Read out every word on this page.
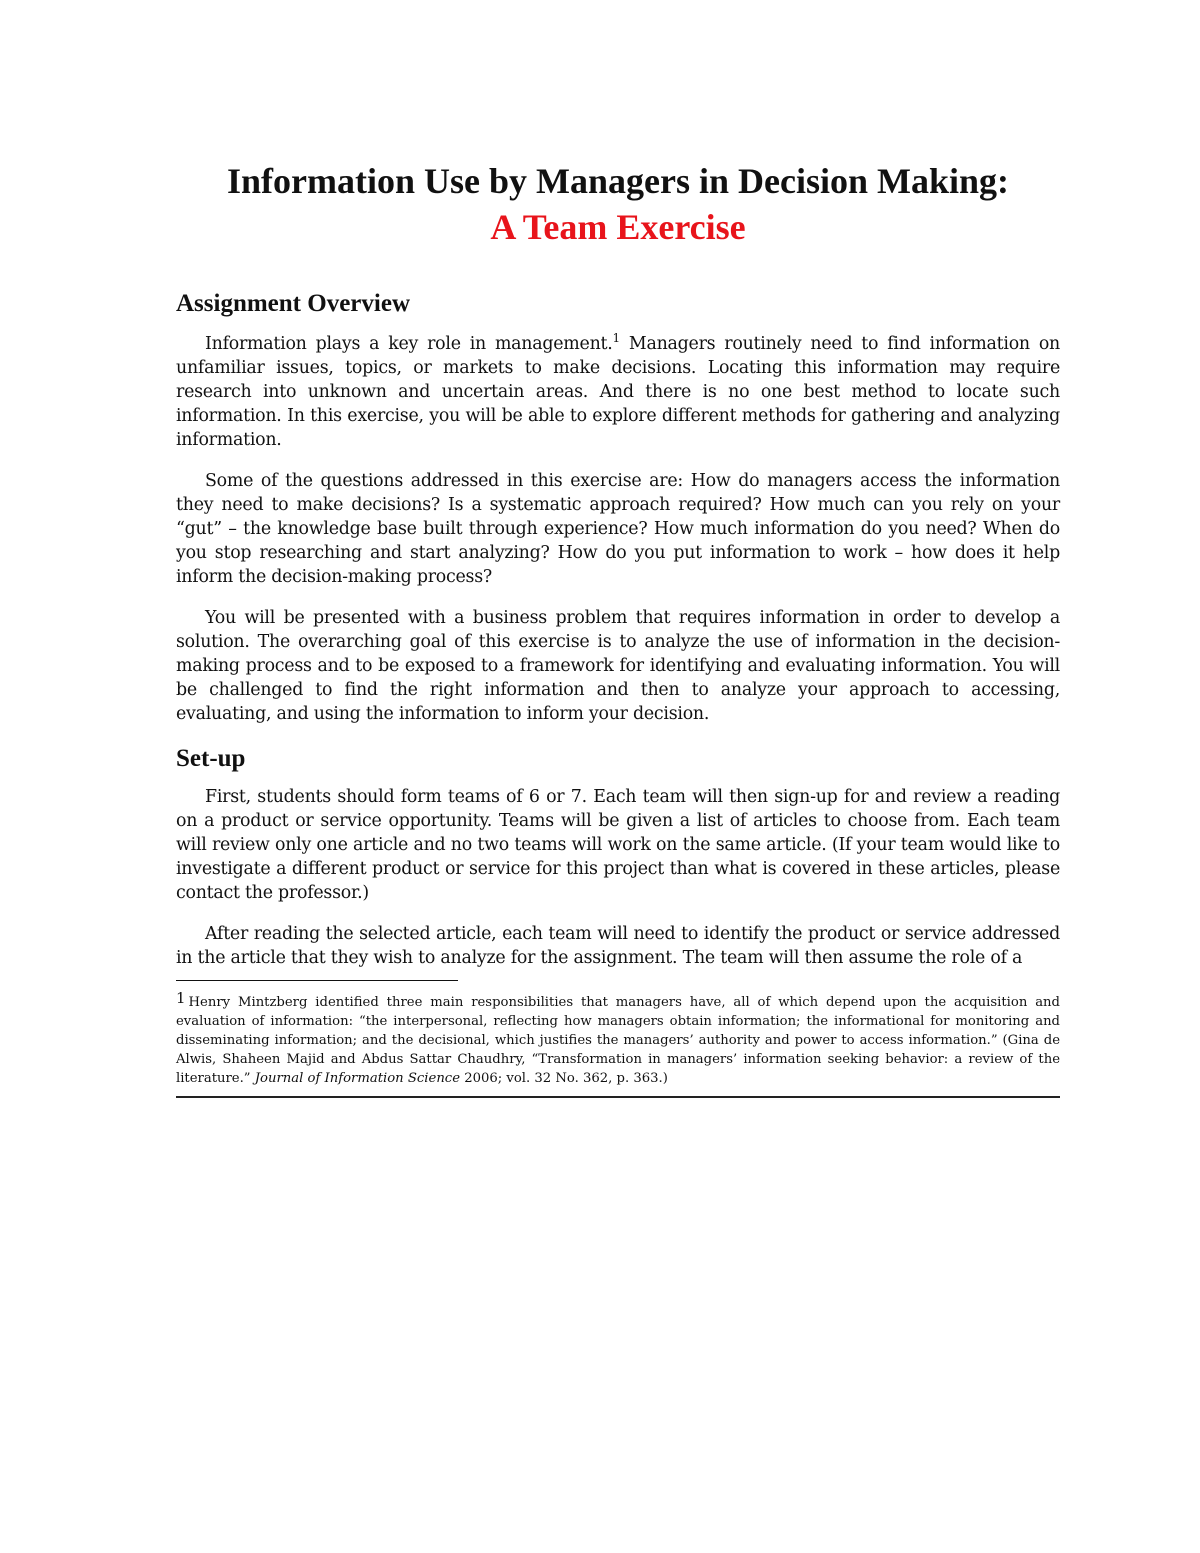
Information Use by Managers in Decision Making:
A Team Exercise
Assignment Overview

Information plays a key role in management.$^1$ Managers routinely need to find information on unfamiliar issues, topics, or markets to make decisions. Locating this information may require research into unknown and uncertain areas. And there is no one best method to locate such information. In this exercise, you will be able to explore different methods for gathering and analyzing information.

Some of the questions addressed in this exercise are: How do managers access the information they need to make decisions? Is a systematic approach required? How much can you rely on your “gut” – the knowledge base built through experience? How much information do you need? When do you stop researching and start analyzing? How do you put information to work – how does it help inform the decision-making process?

You will be presented with a business problem that requires information in order to develop a solution. The overarching goal of this exercise is to analyze the use of information in the decision-making process and to be exposed to a framework for identifying and evaluating information. You will be challenged to find the right information and then to analyze your approach to accessing, evaluating, and using the information to inform your decision.

Set-up

First, students should form teams of 6 or 7. Each team will then sign-up for and review a reading on a product or service opportunity. Teams will be given a list of articles to choose from. Each team will review only one article and no two teams will work on the same article. (If your team would like to investigate a different product or service for this project than what is covered in these articles, please contact the professor.)

After reading the selected article, each team will need to identify the product or service addressed in the article that they wish to analyze for the assignment. The team will then assume the role of a

1 Henry Mintzberg identified three main responsibilities that managers have, all of which depend upon the acquisition and evaluation of information: “the interpersonal, reflecting how managers obtain information; the informational for monitoring and disseminating information; and the decisional, which justifies the managers’ authority and power to access information.” (Gina de Alwis, Shaheen Majid and Abdus Sattar Chaudhry, “Transformation in managers’ information seeking behavior: a review of the literature.” Journal of Information Science 2006; vol. 32 No. 362, p. 363.)
